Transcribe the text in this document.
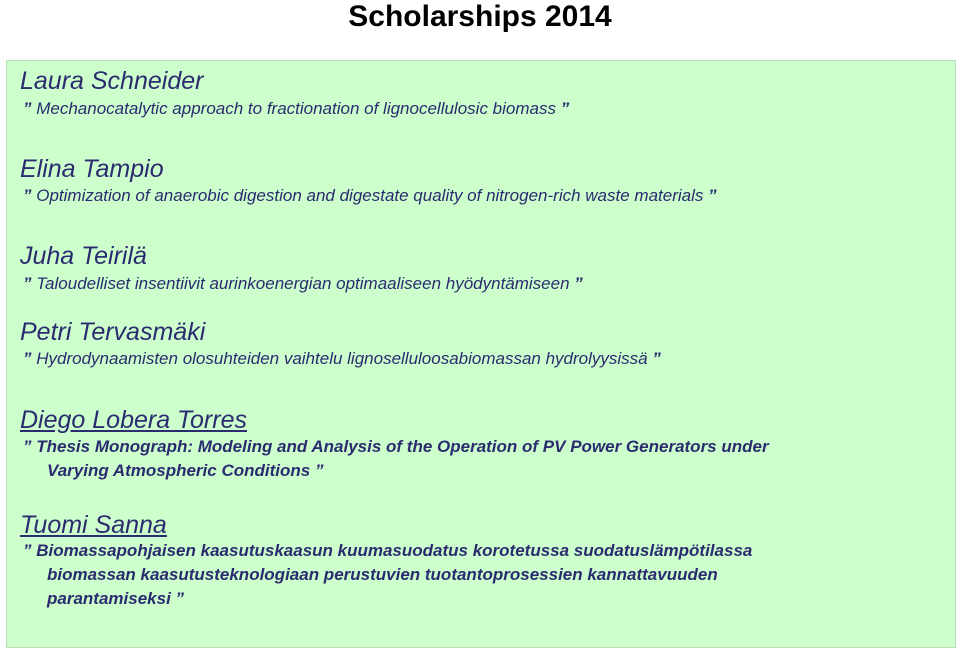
Scholarships 2014
Laura Schneider
” Mechanocatalytic approach to fractionation of lignocellulosic biomass ”
Elina Tampio
” Optimization of anaerobic digestion and digestate quality of nitrogen-rich waste materials ”
Juha Teirilä
” Taloudelliset insentiivit aurinkoenergian optimaaliseen hyödyntämiseen ”
Petri Tervasmäki
” Hydrodynaamisten olosuhteiden vaihtelu lignoselluloosabiomassan hydrolyysissä ”
Diego Lobera Torres
” Thesis Monograph: Modeling and Analysis of the Operation of PV Power Generators under
Varying Atmospheric Conditions ”
Tuomi Sanna
” Biomassapohjaisen kaasutuskaasun kuumasuodatus korotetussa suodatuslämpötilassa
biomassan kaasutusteknologiaan perustuvien tuotantoprosessien kannattavuuden
parantamiseksi ”
